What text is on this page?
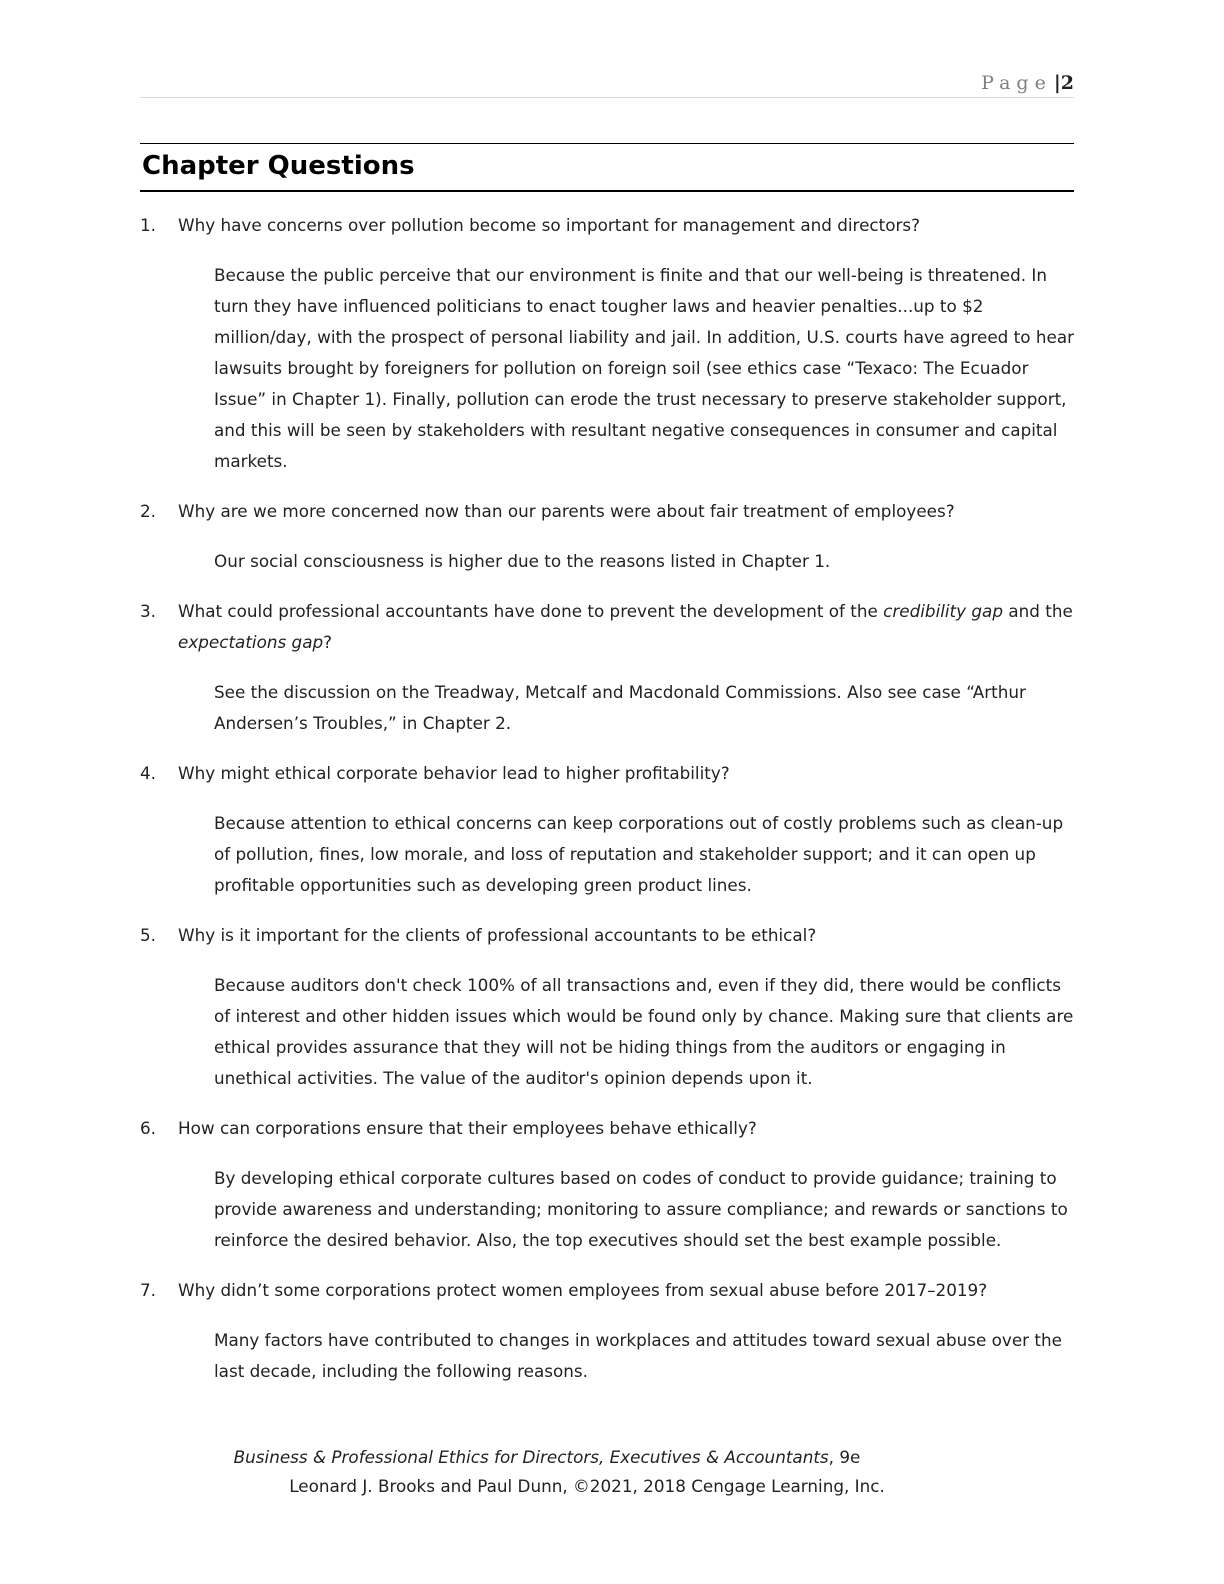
Page |2
Chapter Questions
1.	Why have concerns over pollution become so important for management and directors?
Because the public perceive that our environment is finite and that our well-being is threatened. In turn they have influenced politicians to enact tougher laws and heavier penalties...up to $2 million/day, with the prospect of personal liability and jail. In addition, U.S. courts have agreed to hear lawsuits brought by foreigners for pollution on foreign soil (see ethics case “Texaco: The Ecuador Issue” in Chapter 1). Finally, pollution can erode the trust necessary to preserve stakeholder support, and this will be seen by stakeholders with resultant negative consequences in consumer and capital markets.
2.	Why are we more concerned now than our parents were about fair treatment of employees?
Our social consciousness is higher due to the reasons listed in Chapter 1.
3.	What could professional accountants have done to prevent the development of the credibility gap and the expectations gap?
See the discussion on the Treadway, Metcalf and Macdonald Commissions. Also see case “Arthur Andersen’s Troubles,” in Chapter 2.
4.	Why might ethical corporate behavior lead to higher profitability?
Because attention to ethical concerns can keep corporations out of costly problems such as clean-up of pollution, fines, low morale, and loss of reputation and stakeholder support; and it can open up profitable opportunities such as developing green product lines.
5.	Why is it important for the clients of professional accountants to be ethical?
Because auditors don't check 100% of all transactions and, even if they did, there would be conflicts of interest and other hidden issues which would be found only by chance. Making sure that clients are ethical provides assurance that they will not be hiding things from the auditors or engaging in unethical activities. The value of the auditor's opinion depends upon it.
6.	How can corporations ensure that their employees behave ethically?
By developing ethical corporate cultures based on codes of conduct to provide guidance; training to provide awareness and understanding; monitoring to assure compliance; and rewards or sanctions to reinforce the desired behavior. Also, the top executives should set the best example possible.
7.	Why didn’t some corporations protect women employees from sexual abuse before 2017–2019?
Many factors have contributed to changes in workplaces and attitudes toward sexual abuse over the last decade, including the following reasons.
Business & Professional Ethics for Directors, Executives & Accountants, 9e
Leonard J. Brooks and Paul Dunn, ©2021, 2018 Cengage Learning, Inc.
